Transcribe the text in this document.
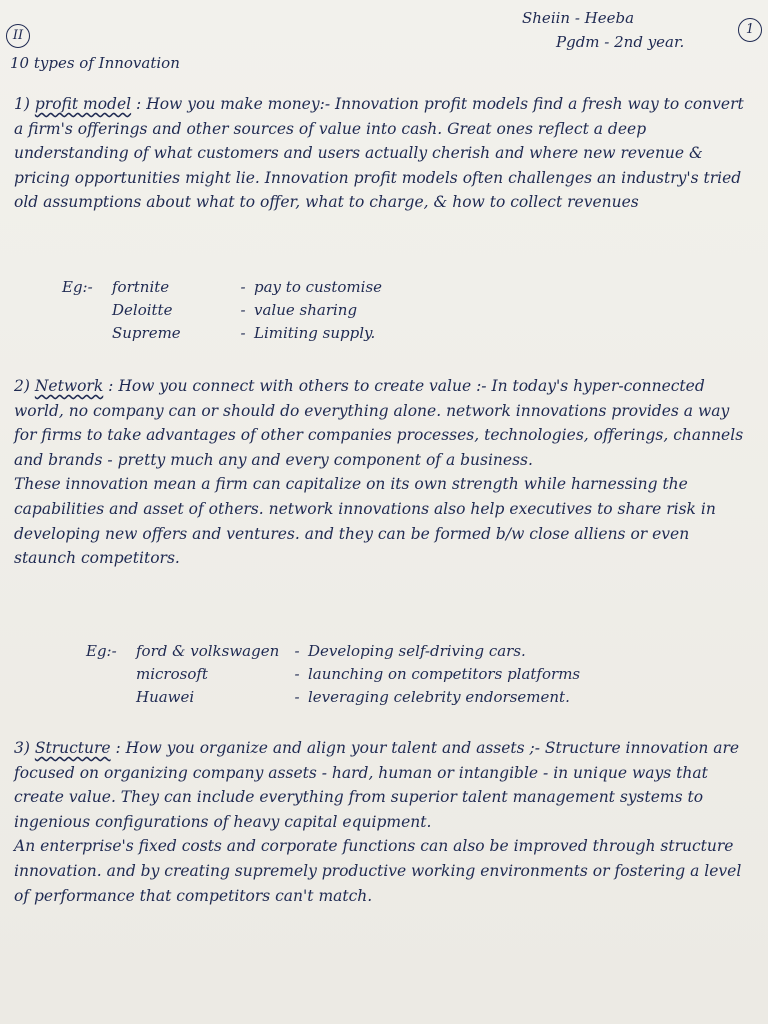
II	1
Sheiin - Heeba
Pgdm - 2nd year.
10 types of Innovation

1) profit model : How you make money:- Innovation profit models find a fresh way to convert a firm's offerings and other sources of value into cash. Great ones reflect a deep understanding of what customers and users actually cherish and where new revenue & pricing opportunities might lie. Innovation profit models often challenges an industry's tried old assumptions about what to offer, what to charge, & how to collect revenues

Eg:- fortnite	- pay to customise
Deloitte	- value sharing
Supreme	- Limiting supply.

2) Network : How you connect with others to create value :- In today's hyper-connected world, no company can or should do everything alone. network innovations provides a way for firms to take advantages of other companies processes, technologies, offerings, channels and brands - pretty much any and every component of a business.

These innovation mean a firm can capitalize on its own strength while harnessing the capabilities and asset of others. network innovations also help executives to share risk in developing new offers and ventures. and they can be formed b/w close alliens or even staunch competitors.

Eg:- ford & volkswagen - Developing self-driving cars.
microsoft	- launching on competitors platforms
Huawei	- leveraging celebrity endorsement.

3) Structure : How you organize and align your talent and assets ;- Structure innovation are focused on organizing company assets - hard, human or intangible - in unique ways that create value. They can include everything from superior talent management systems to ingenious configurations of heavy capital equipment.

An enterprise's fixed costs and corporate functions can also be improved through structure innovation. and by creating supremely productive working environments or fostering a level of performance that competitors can't match.
